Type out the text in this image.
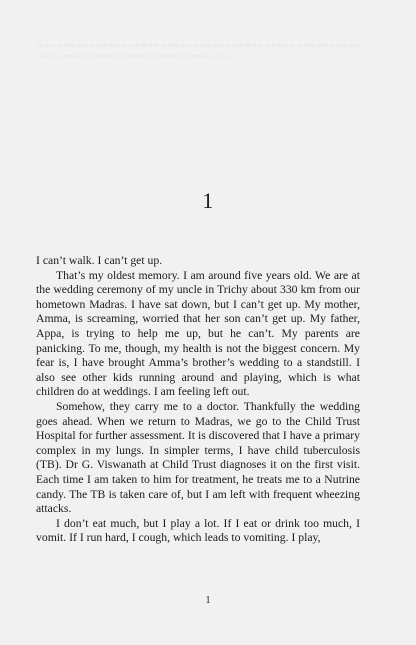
≈ ≈ ≈ ≈ ≈ ≈ ≈ ≈ ≈ ≈ ≈ ≈ ≈ ≈ ≈ ≈ ≈ ≈ ≈ ≈ ≈ ≈ ≈ ≈ ≈ ≈ ≈ ≈ ≈ ≈ ≈ ≈ ≈ ≈ ≈ ≈ ≈ ≈ ≈ ≈ ≈ ≈ ≈ ≈ ≈ ≈ ≈ ≈ ≈ ≈ ≈ ≈ ≈ ≈ ≈ ≈ ≈ ≈ ≈ ≈ ≈ ≈ ≈ ≈ ≈ ≈ ≈ ≈ ≈ ≈ ≈ ≈ ≈ ≈ ≈ ≈ ≈ ≈ ≈ ≈
1

I can’t walk. I can’t get up.

That’s my oldest memory. I am around five years old. We are at the wedding ceremony of my uncle in Trichy about 330 km from our hometown Madras. I have sat down, but I can’t get up. My mother, Amma, is screaming, worried that her son can’t get up. My father, Appa, is trying to help me up, but he can’t. My parents are panicking. To me, though, my health is not the biggest concern. My fear is, I have brought Amma’s brother’s wedding to a standstill. I also see other kids running around and playing, which is what children do at weddings. I am feeling left out.

Somehow, they carry me to a doctor. Thankfully the wedding goes ahead. When we return to Madras, we go to the Child Trust Hospital for further assessment. It is discovered that I have a primary complex in my lungs. In simpler terms, I have child tuberculosis (TB). Dr G. Viswanath at Child Trust diagnoses it on the first visit. Each time I am taken to him for treatment, he treats me to a Nutrine candy. The TB is taken care of, but I am left with frequent wheezing attacks.

I don’t eat much, but I play a lot. If I eat or drink too much, I vomit. If I run hard, I cough, which leads to vomiting. I play,

1
